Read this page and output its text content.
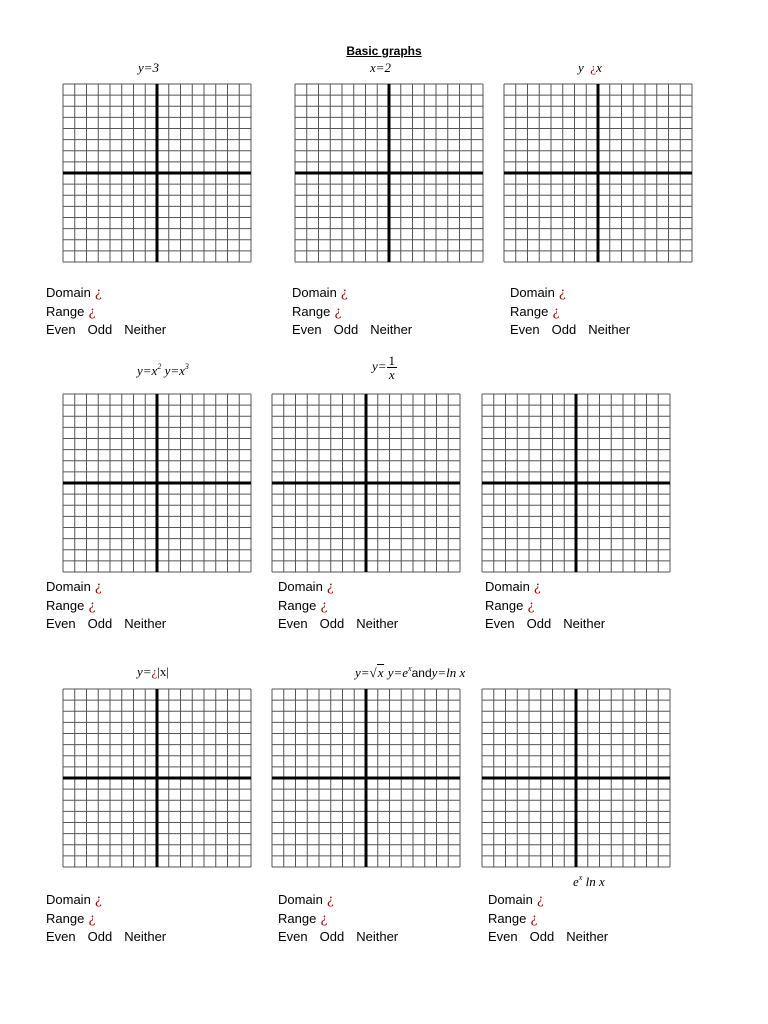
Basic graphs
y=3	x=2	y ¿x
$y=x^2$ $y=x^3$	$y= \frac{1}{x}$
y=¿|x|	y=√x $y=e^xandy=\ln$ x
$e^x$ ln x
Domain ¿
Range ¿
Even Odd Neither
Domain ¿
Range ¿
Even Odd Neither
Domain ¿
Range ¿
Even Odd Neither
Domain ¿
Range ¿
Even Odd Neither
Domain ¿
Range ¿
Even Odd Neither
Domain ¿
Range ¿
Even Odd Neither
Domain ¿
Range ¿
Even Odd Neither
Domain ¿
Range ¿
Even Odd Neither
Domain ¿
Range ¿
Even Odd Neither
